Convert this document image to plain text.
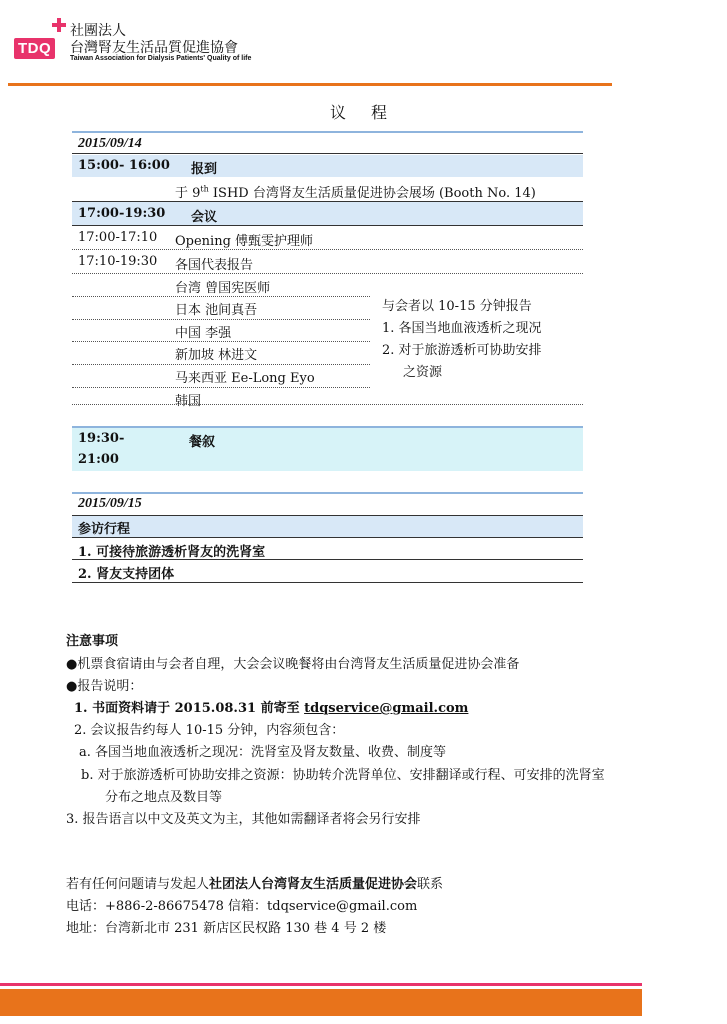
TDQ
社團法人
台灣腎友生活品質促進協會
Taiwan Association for Dialysis Patients' Quality of life
议 程
2015/09/14
15:00- 16:00 报到
于 9th ISHD 台湾肾友生活质量促进协会展场 (Booth No. 14)
17:00-19:30 会议
17:00-17:10 Opening 傅甄雯护理师
17:10-19:30 各国代表报告
台湾 曾国宪医师
日本 池间真吾
中国 李强
新加坡 林进文
马来西亚 Ee-Long Eyo
韩国
与会者以 10-15 分钟报告
1. 各国当地血液透析之现况
2. 对于旅游透析可协助安排
之资源
19:30-
21:00
餐叙
2015/09/15
参访行程
1. 可接待旅游透析肾友的洗肾室
2. 肾友支持团体
注意事项
●机票食宿请由与会者自理，大会会议晚餐将由台湾肾友生活质量促进协会准备
●报告说明：
1. 书面资料请于 2015.08.31 前寄至 tdqservice@gmail.com
2. 会议报告约每人 10-15 分钟，内容须包含：
a. 各国当地血液透析之现况：洗肾室及肾友数量、收费、制度等
b. 对于旅游透析可协助安排之资源：协助转介洗肾单位、安排翻译或行程、可安排的洗肾室
分布之地点及数目等
3. 报告语言以中文及英文为主，其他如需翻译者将会另行安排
若有任何问题请与发起人社团法人台湾肾友生活质量促进协会联系
电话：+886-2-86675478 信箱：tdqservice@gmail.com
地址：台湾新北市 231 新店区民权路 130 巷 4 号 2 楼
